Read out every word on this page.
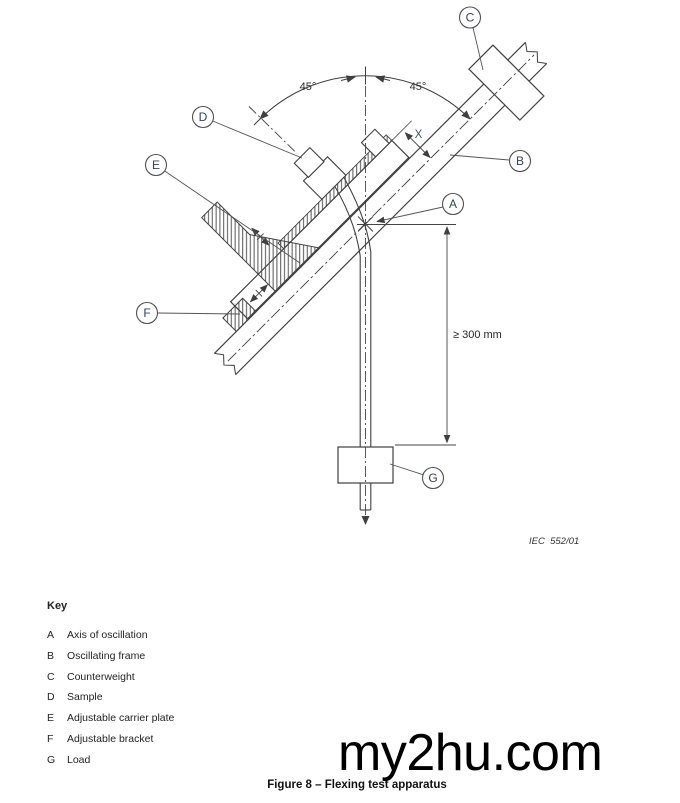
45°	45°
X
≥ 300 mm
A
B
C
D
E
F
G
IEC  552/01
Key
A Axis of oscillation
B Oscillating frame
C Counterweight
D Sample
E Adjustable carrier plate
F Adjustable bracket
G Load
Figure 8 – Flexing test apparatus
my2hu.com
